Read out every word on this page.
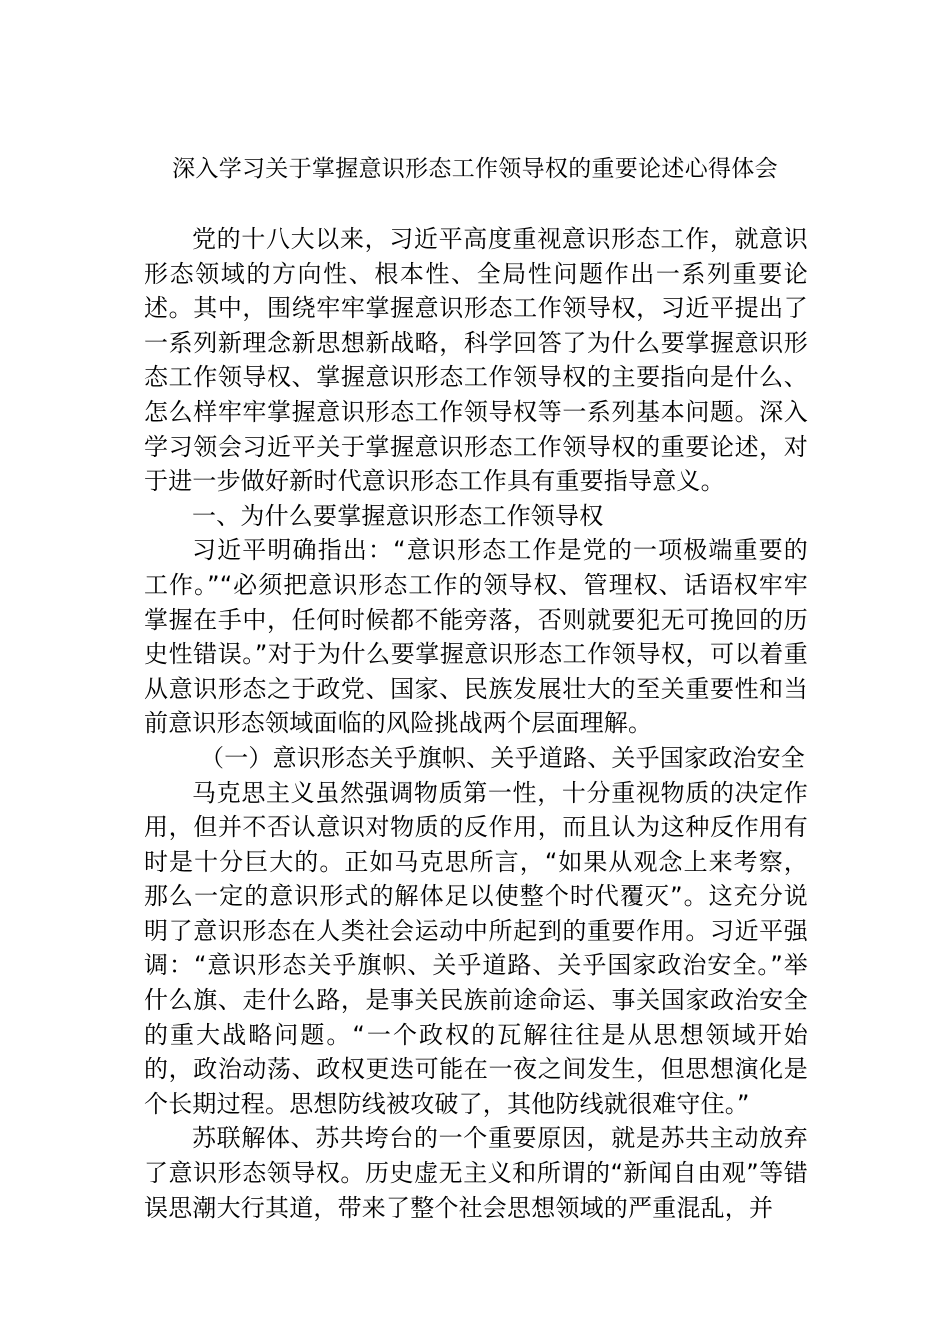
深入学习关于掌握意识形态工作领导权的重要论述心得体会

党的十八大以来，习近平高度重视意识形态工作，就意识形态领域的方向性、根本性、全局性问题作出一系列重要论述。其中，围绕牢牢掌握意识形态工作领导权，习近平提出了一系列新理念新思想新战略，科学回答了为什么要掌握意识形态工作领导权、掌握意识形态工作领导权的主要指向是什么、怎么样牢牢掌握意识形态工作领导权等一系列基本问题。深入学习领会习近平关于掌握意识形态工作领导权的重要论述，对于进一步做好新时代意识形态工作具有重要指导意义。

一、为什么要掌握意识形态工作领导权

习近平明确指出：“意识形态工作是党的一项极端重要的工作。”“必须把意识形态工作的领导权、管理权、话语权牢牢掌握在手中，任何时候都不能旁落，否则就要犯无可挽回的历史性错误。”对于为什么要掌握意识形态工作领导权，可以着重从意识形态之于政党、国家、民族发展壮大的至关重要性和当前意识形态领域面临的风险挑战两个层面理解。

（一）意识形态关乎旗帜、关乎道路、关乎国家政治安全

马克思主义虽然强调物质第一性，十分重视物质的决定作用，但并不否认意识对物质的反作用，而且认为这种反作用有时是十分巨大的。正如马克思所言，“如果从观念上来考察，那么一定的意识形式的解体足以使整个时代覆灭”。这充分说明了意识形态在人类社会运动中所起到的重要作用。习近平强调：“意识形态关乎旗帜、关乎道路、关乎国家政治安全。”举什么旗、走什么路，是事关民族前途命运、事关国家政治安全的重大战略问题。“一个政权的瓦解往往是从思想领域开始的，政治动荡、政权更迭可能在一夜之间发生，但思想演化是个长期过程。思想防线被攻破了，其他防线就很难守住。”

苏联解体、苏共垮台的一个重要原因，就是苏共主动放弃了意识形态领导权。历史虚无主义和所谓的“新闻自由观”等错误思潮大行其道，带来了整个社会思想领域的严重混乱，并
